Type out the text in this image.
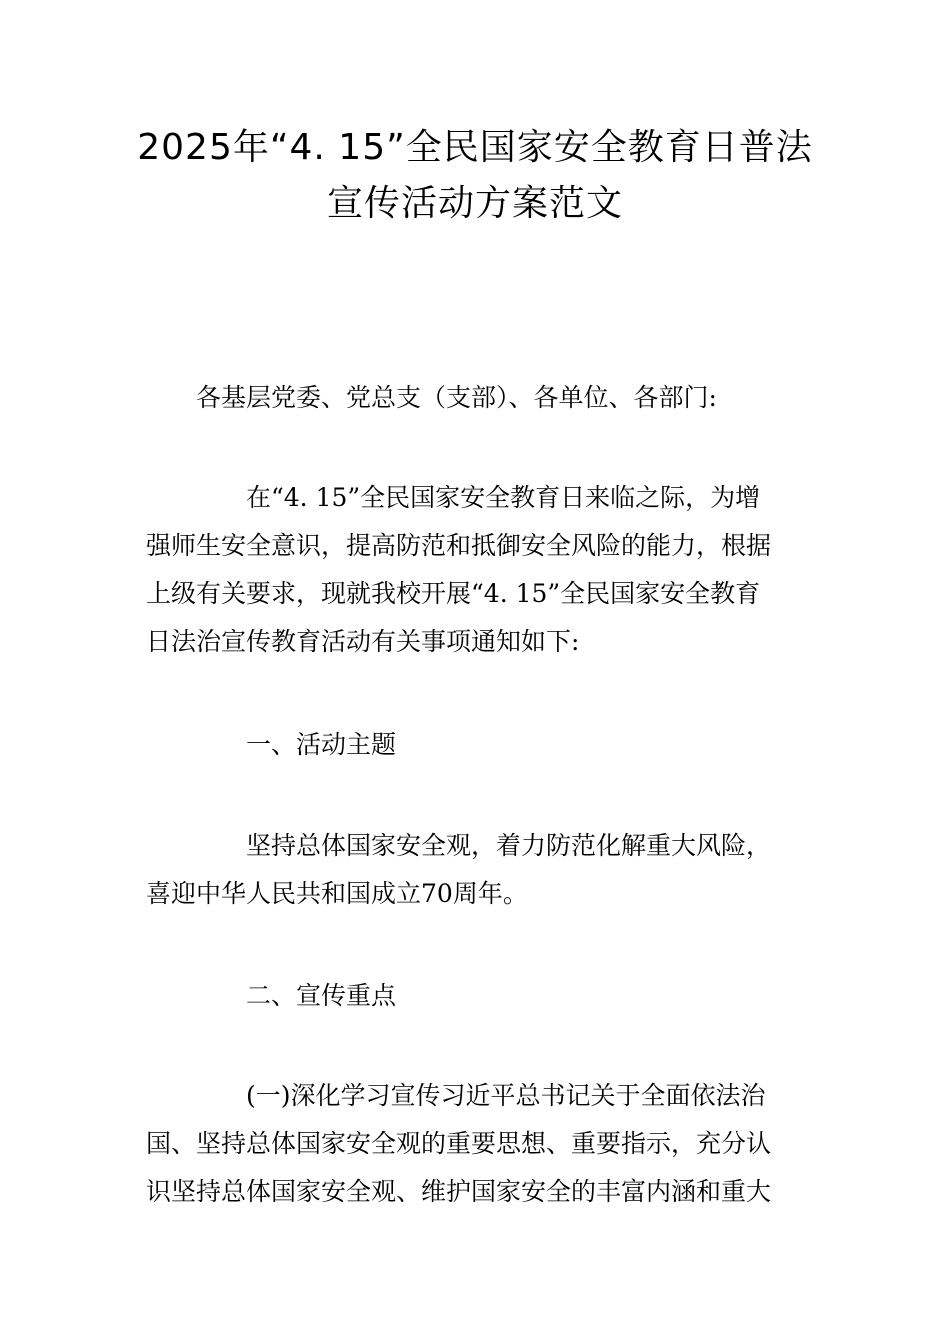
2025年“4. 15”全民国家安全教育日普法
宣传活动方案范文

各基层党委、党总支（支部）、各单位、各部门:

在“4. 15”全民国家安全教育日来临之际，为增
强师生安全意识，提高防范和抵御安全风险的能力，根据
上级有关要求，现就我校开展“4. 15”全民国家安全教育
日法治宣传教育活动有关事项通知如下:

一、活动主题

坚持总体国家安全观，着力防范化解重大风险，
喜迎中华人民共和国成立70周年。

二、宣传重点

(一)深化学习宣传习近平总书记关于全面依法治
国、坚持总体国家安全观的重要思想、重要指示，充分认
识坚持总体国家安全观、维护国家安全的丰富内涵和重大
